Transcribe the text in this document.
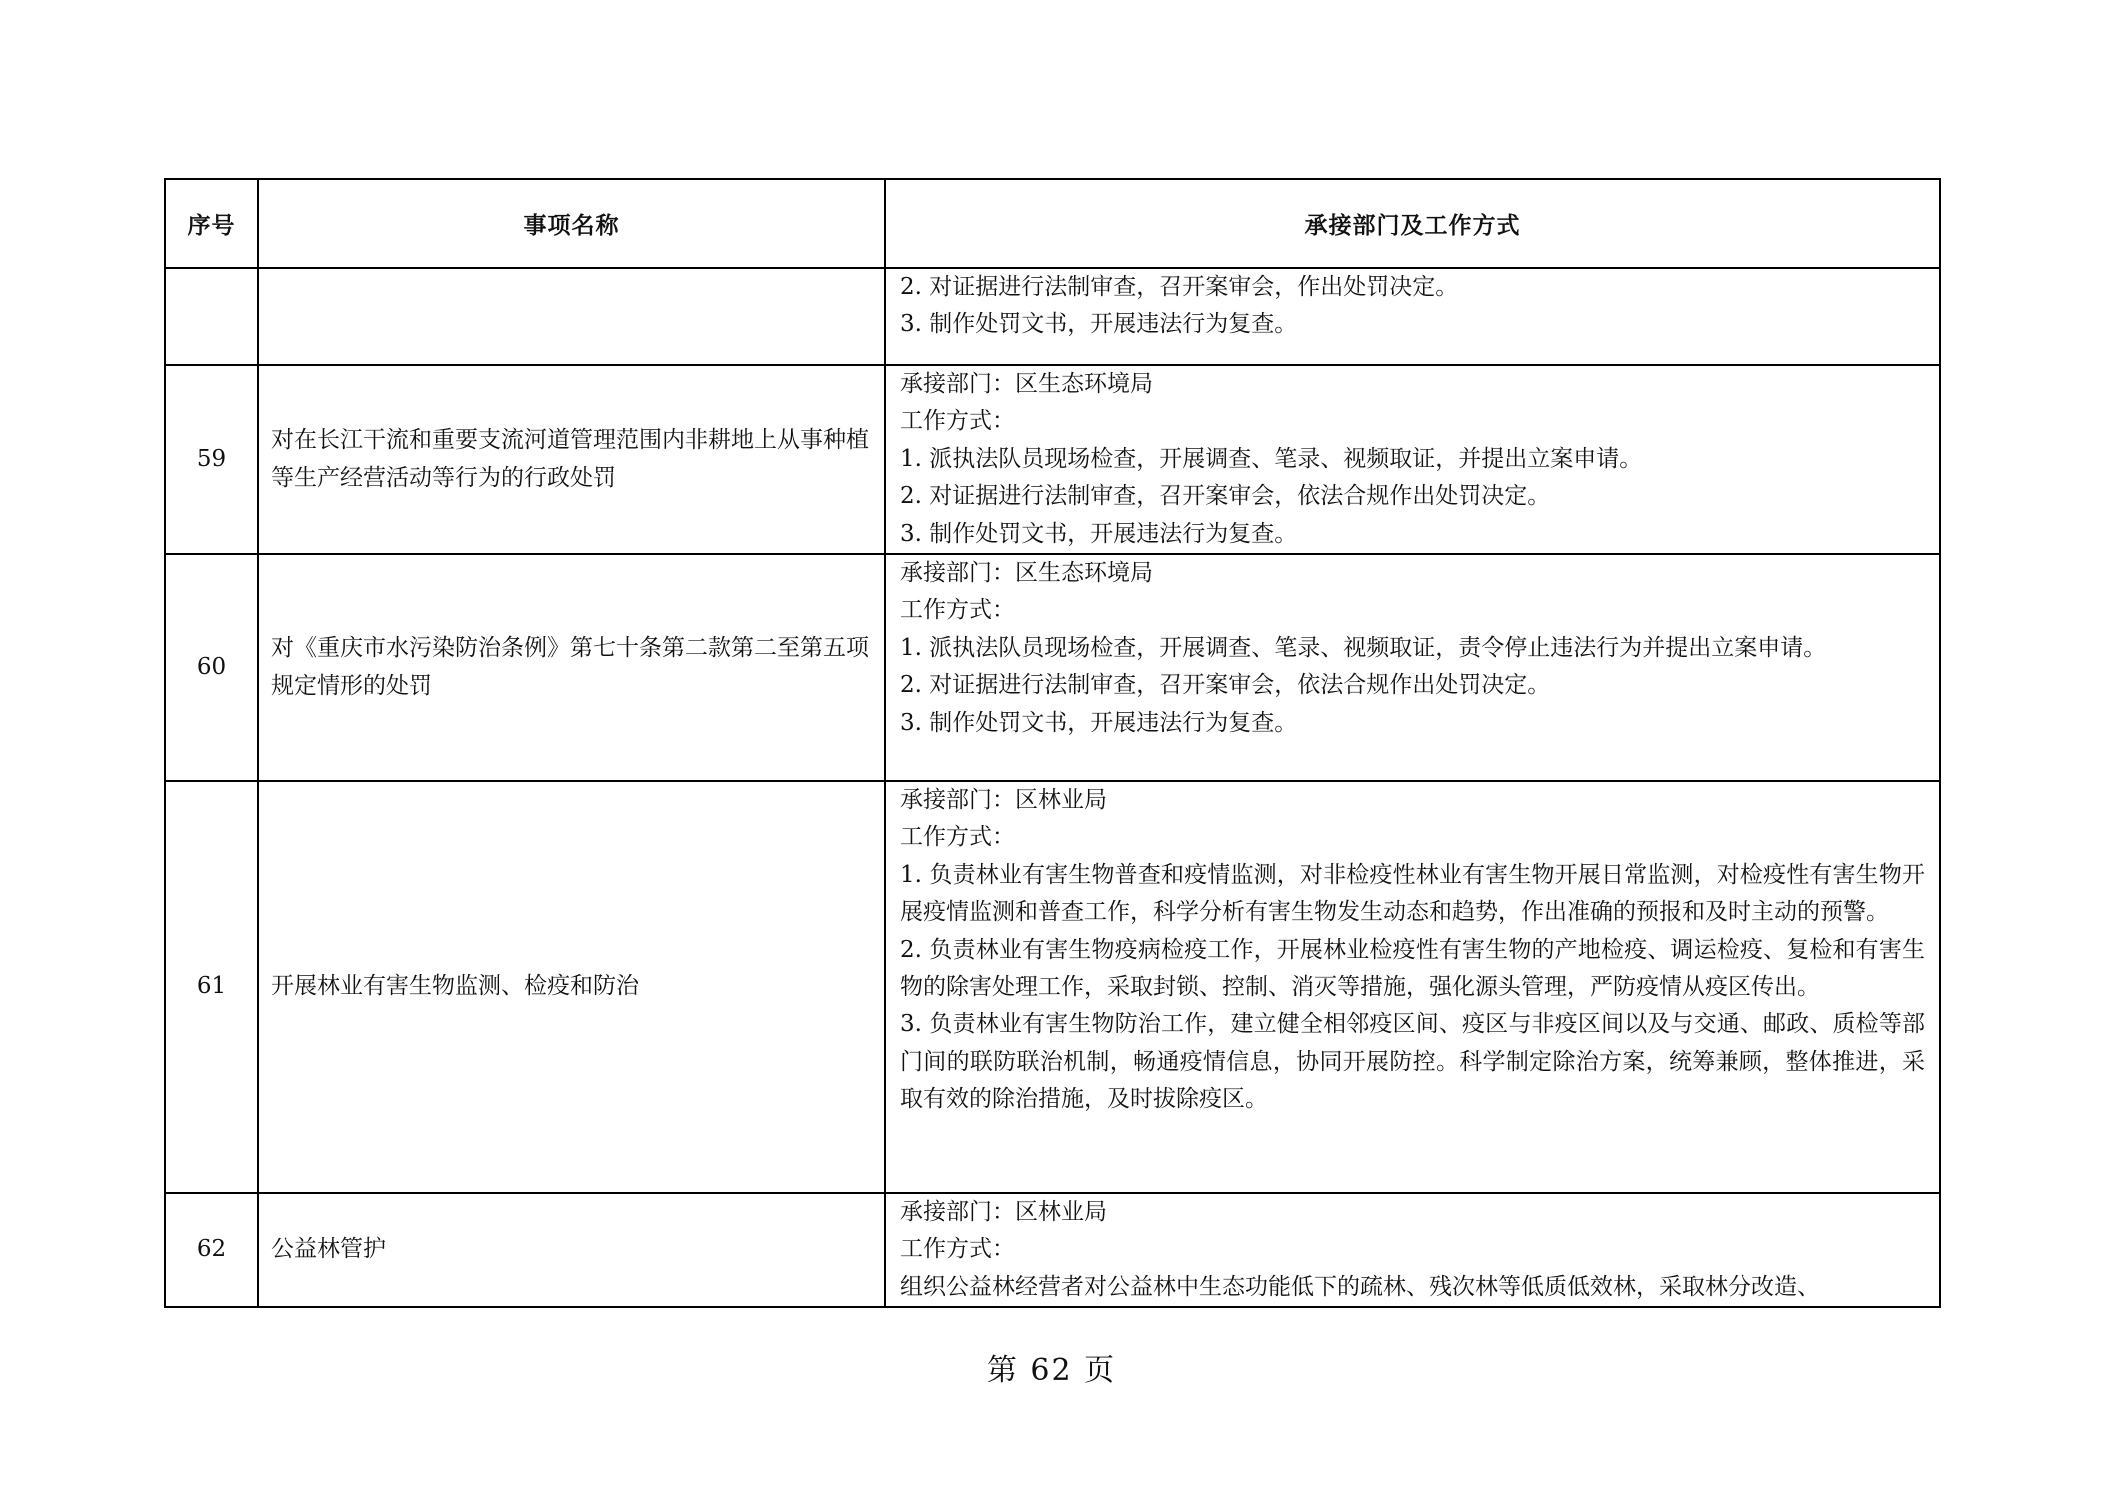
序号	事项名称	承接部门及工作方式

		2. 对证据进行法制审查，召开案审会，作出处罚决定。
3. 制作处罚文书，开展违法行为复查。

59	对在长江干流和重要支流河道管理范围内非耕地上从事种植等生产经营活动等行为的行政处罚	承接部门：区生态环境局
工作方式：
1. 派执法队员现场检查，开展调查、笔录、视频取证，并提出立案申请。
2. 对证据进行法制审查，召开案审会，依法合规作出处罚决定。
3. 制作处罚文书，开展违法行为复查。

60	对《重庆市水污染防治条例》第七十条第二款第二至第五项规定情形的处罚	承接部门：区生态环境局
工作方式：
1. 派执法队员现场检查，开展调查、笔录、视频取证，责令停止违法行为并提出立案申请。
2. 对证据进行法制审查，召开案审会，依法合规作出处罚决定。
3. 制作处罚文书，开展违法行为复查。

61	开展林业有害生物监测、检疫和防治	承接部门：区林业局
工作方式：
1. 负责林业有害生物普查和疫情监测，对非检疫性林业有害生物开展日常监测，对检疫性有害生物开展疫情监测和普查工作，科学分析有害生物发生动态和趋势，作出准确的预报和及时主动的预警。
2. 负责林业有害生物疫病检疫工作，开展林业检疫性有害生物的产地检疫、调运检疫、复检和有害生物的除害处理工作，采取封锁、控制、消灭等措施，强化源头管理，严防疫情从疫区传出。
3. 负责林业有害生物防治工作，建立健全相邻疫区间、疫区与非疫区间以及与交通、邮政、质检等部门间的联防联治机制，畅通疫情信息，协同开展防控。科学制定除治方案，统筹兼顾，整体推进，采取有效的除治措施，及时拔除疫区。

62	公益林管护	承接部门：区林业局
工作方式：
组织公益林经营者对公益林中生态功能低下的疏林、残次林等低质低效林，采取林分改造、
第 62 页
